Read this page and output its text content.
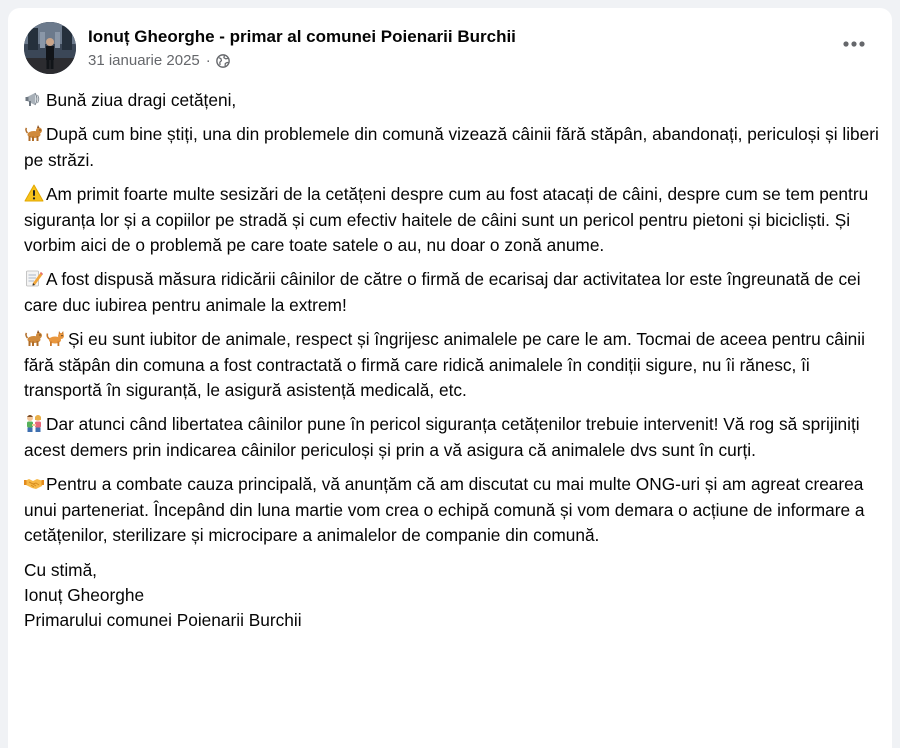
Ionuț Gheorghe - primar al comunei Poienarii Burchii
31 ianuarie 2025 ·

Bună ziua dragi cetățeni,

După cum bine știți, una din problemele din comună vizează câinii fără stăpân, abandonați, periculoși și liberi pe străzi.

Am primit foarte multe sesizări de la cetățeni despre cum au fost atacați de câini, despre cum se tem pentru siguranța lor și a copiilor pe stradă și cum efectiv haitele de câini sunt un pericol pentru pietoni și bicicliști. Și vorbim aici de o problemă pe care toate satele o au, nu doar o zonă anume.

A fost dispusă măsura ridicării câinilor de către o firmă de ecarisaj dar activitatea lor este îngreunată de cei care duc iubirea pentru animale la extrem!

Și eu sunt iubitor de animale, respect și îngrijesc animalele pe care le am. Tocmai de aceea pentru câinii fără stăpân din comuna a fost contractată o firmă care ridică animalele în condiții sigure, nu îi rănesc, îi transportă în siguranță, le asigură asistență medicală, etc.

Dar atunci când libertatea câinilor pune în pericol siguranța cetățenilor trebuie intervenit! Vă rog să sprijiniți acest demers prin indicarea câinilor periculoși și prin a vă asigura că animalele dvs sunt în curți.

Pentru a combate cauza principală, vă anunțăm că am discutat cu mai multe ONG-uri și am agreat crearea unui parteneriat. Începând din luna martie vom crea o echipă comună și vom demara o acțiune de informare a cetățenilor, sterilizare și microcipare a animalelor de companie din comună.

Cu stimă,
Ionuț Gheorghe
Primarului comunei Poienarii Burchii
